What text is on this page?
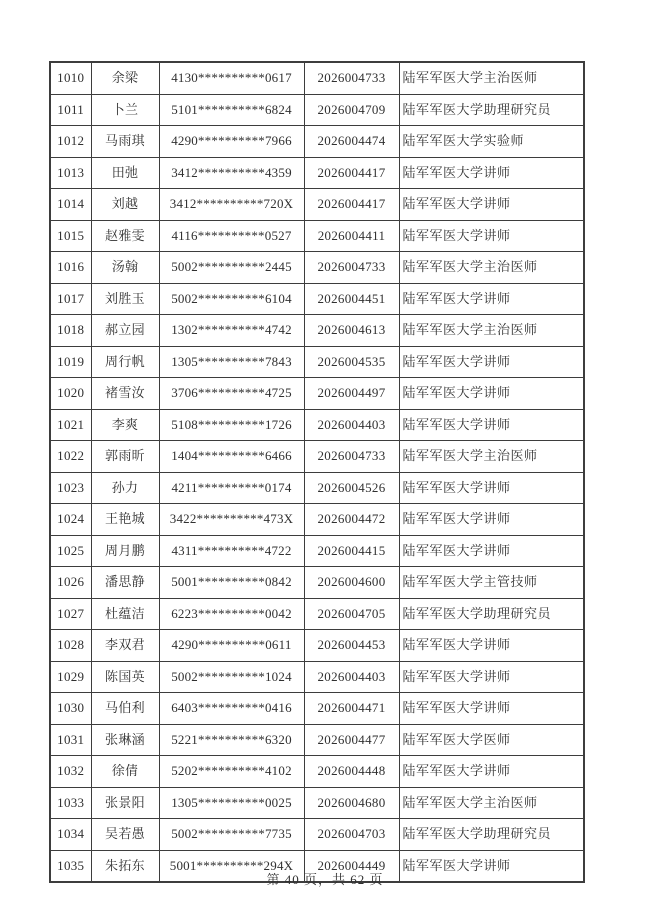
1010	余梁	4130**********0617	2026004733	陆军军医大学主治医师
1011	卜兰	5101**********6824	2026004709	陆军军医大学助理研究员
1012	马雨琪	4290**********7966	2026004474	陆军军医大学实验师
1013	田弛	3412**********4359	2026004417	陆军军医大学讲师
1014	刘越	3412**********720X	2026004417	陆军军医大学讲师
1015	赵雅雯	4116**********0527	2026004411	陆军军医大学讲师
1016	汤翰	5002**********2445	2026004733	陆军军医大学主治医师
1017	刘胜玉	5002**********6104	2026004451	陆军军医大学讲师
1018	郝立园	1302**********4742	2026004613	陆军军医大学主治医师
1019	周行帆	1305**********7843	2026004535	陆军军医大学讲师
1020	褚雪汝	3706**********4725	2026004497	陆军军医大学讲师
1021	李爽	5108**********1726	2026004403	陆军军医大学讲师
1022	郭雨昕	1404**********6466	2026004733	陆军军医大学主治医师
1023	孙力	4211**********0174	2026004526	陆军军医大学讲师
1024	王艳城	3422**********473X	2026004472	陆军军医大学讲师
1025	周月鹏	4311**********4722	2026004415	陆军军医大学讲师
1026	潘思静	5001**********0842	2026004600	陆军军医大学主管技师
1027	杜蕴洁	6223**********0042	2026004705	陆军军医大学助理研究员
1028	李双君	4290**********0611	2026004453	陆军军医大学讲师
1029	陈国英	5002**********1024	2026004403	陆军军医大学讲师
1030	马伯利	6403**********0416	2026004471	陆军军医大学讲师
1031	张琳涵	5221**********6320	2026004477	陆军军医大学医师
1032	徐倩	5202**********4102	2026004448	陆军军医大学讲师
1033	张景阳	1305**********0025	2026004680	陆军军医大学主治医师
1034	吴若愚	5002**********7735	2026004703	陆军军医大学助理研究员
1035	朱拓东	5001**********294X	2026004449	陆军军医大学讲师
第 40 页，共 62 页
